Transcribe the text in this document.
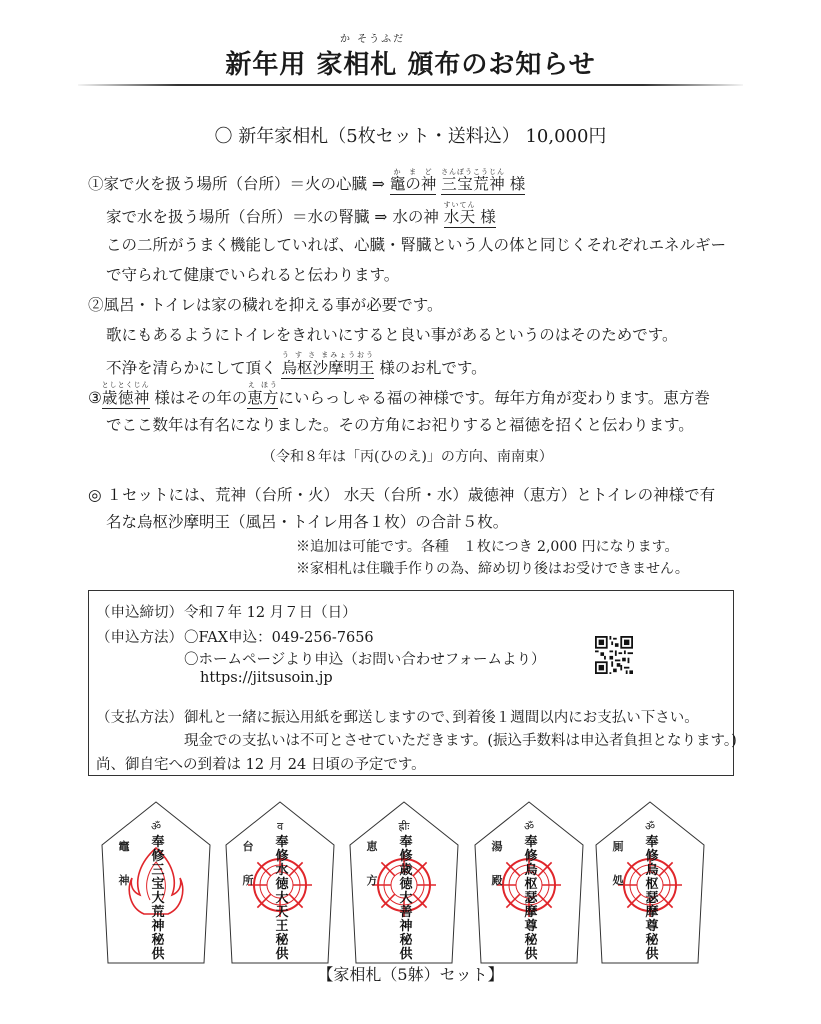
か そうふだ
新年用 家相札 頒布のお知らせ
〇 新年家相札（5枚セット・送料込） 10,000円
①家で火を扱う場所（台所）＝火の心臓 ⇒ 竈の神かまど 三宝荒神さんぼうこうじん 様
家で水を扱う場所（台所）＝水の腎臓 ⇒ 水の神 水天すいてん 様
この二所がうまく機能していれば、心臓・腎臓という人の体と同じくそれぞれエネルギー
で守られて健康でいられると伝わります。
②風呂・トイレは家の穢れを抑える事が必要です。
歌にもあるようにトイレをきれいにすると良い事があるというのはそのためです。
不浄を清らかにして頂く 烏枢沙摩明王う す さ まみょうおう 様のお札です。
③歳徳神としとくじん 様はその年の恵方え ほうにいらっしゃる福の神様です。毎年方角が変わります。恵方巻
でここ数年は有名になりました。その方角にお祀りすると福徳を招くと伝わります。
（令和８年は「丙(ひのえ)」の方向、南南東）
◎ １セットには、荒神（台所・火） 水天（台所・水）歳徳神（恵方）とトイレの神様で有
名な烏枢沙摩明王（風呂・トイレ用各１枚）の合計５枚。
※追加は可能です。各種　１枚につき 2,000 円になります。
※家相札は住職手作りの為、締め切り後はお受けできません。
（申込締切） 令和７年 12 月７日（日）
（申込方法） 〇FAX申込：049-256-7656
〇ホームページより申込（お問い合わせフォームより）
https://jitsusoin.jp
（支払方法） 御札と一緒に振込用紙を郵送しますので､到着後１週間以内にお支払い下さい。
現金での支払いは不可とさせていただきます。(振込手数料は申込者負担となります。)
尚、御自宅への到着は 12 月 24 日頃の予定です。
ॐ
竈
神
奉
修
三
宝
大
荒
神
秘
供
व
台
所
奉
修
水
徳
大
天
王
秘
供
ह्रीः
恵
方
奉
修
歳
徳
大
善
神
秘
供
ॐ
湯
殿
奉
修
烏
枢
瑟
摩
尊
秘
供
ॐ
厠
処
奉
修
烏
枢
瑟
摩
尊
秘
供
【家相札（5躰）セット】
